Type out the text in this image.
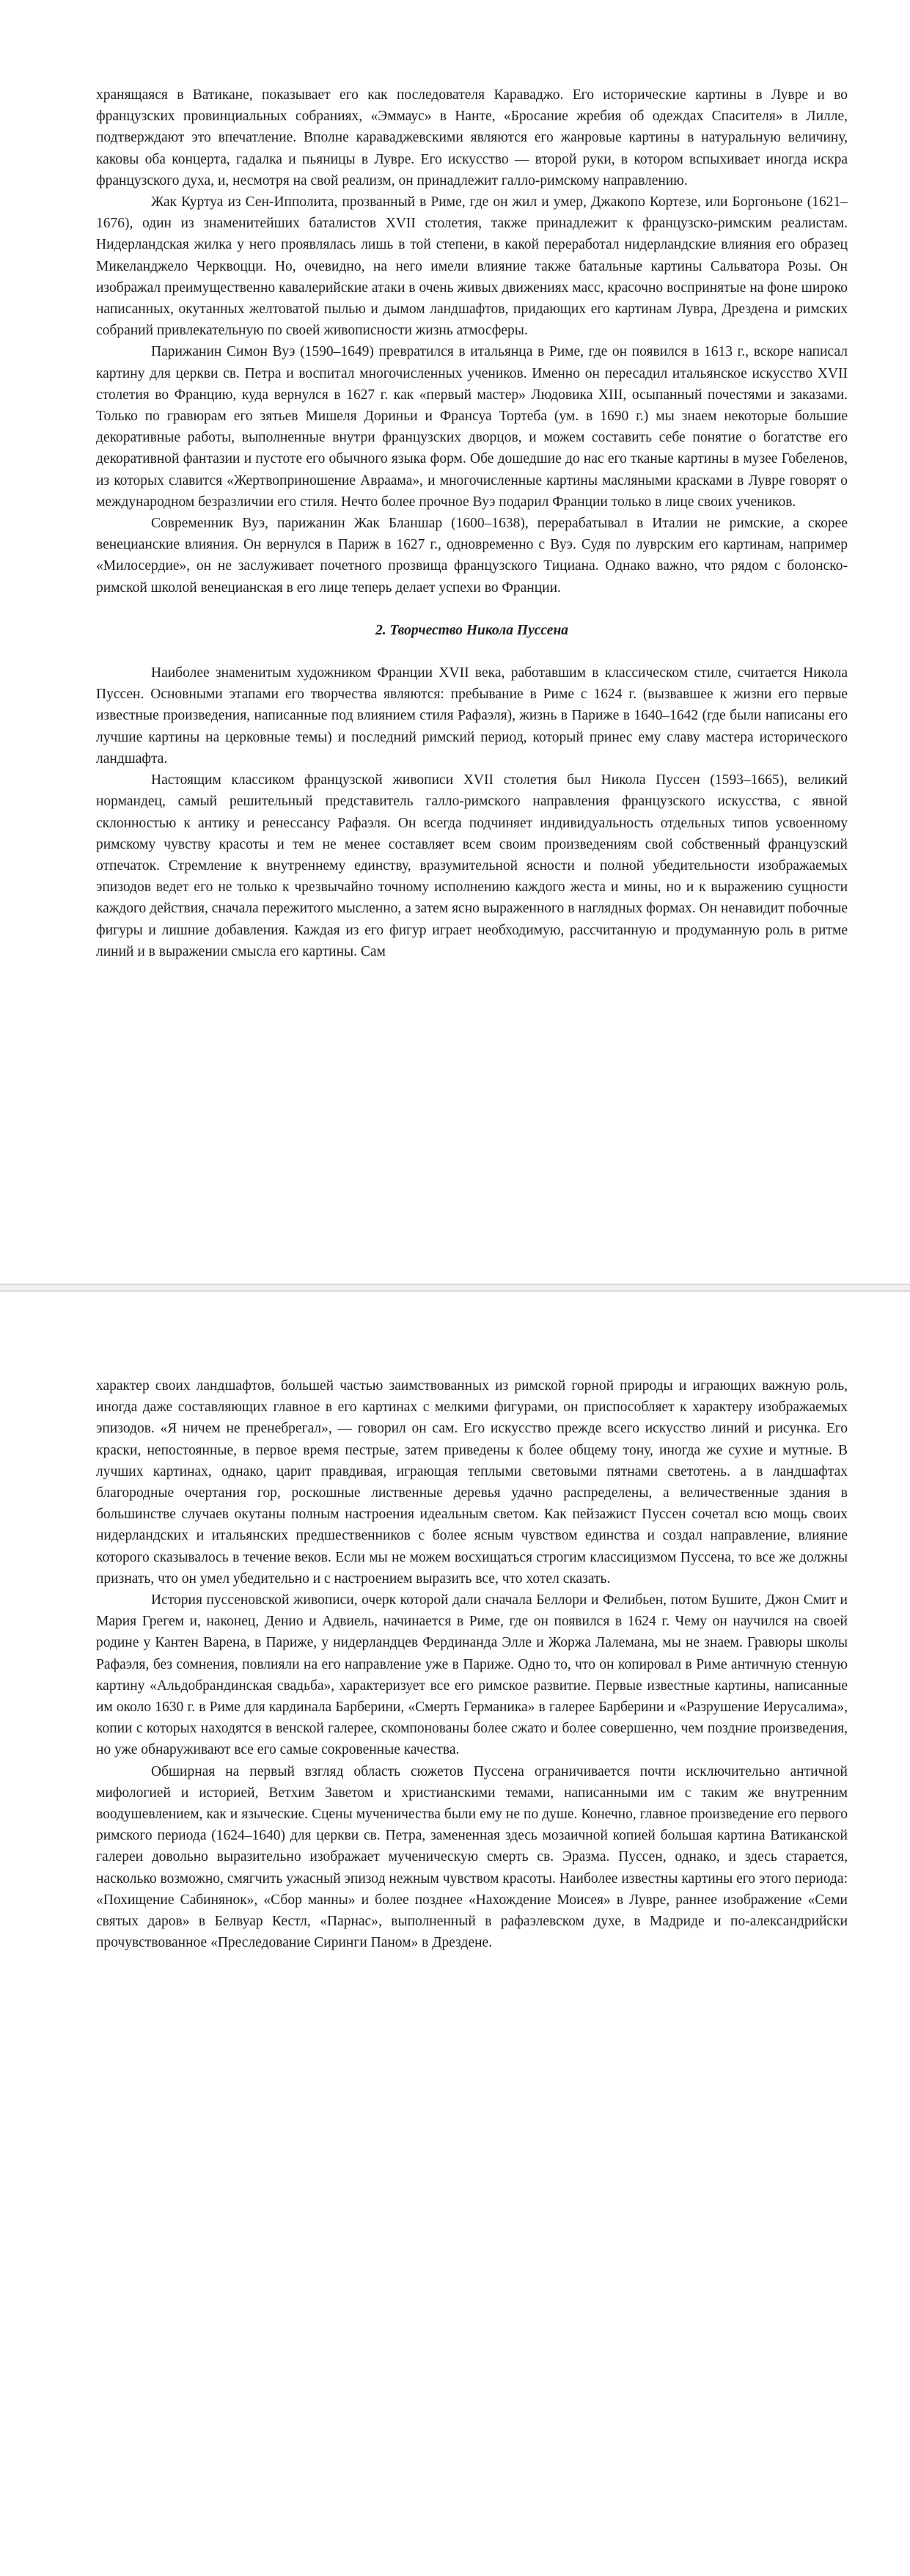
хранящаяся в Ватикане, показывает его как последователя Караваджо. Его исторические картины в Лувре и во французских провинциальных собраниях, «Эммаус» в Нанте, «Бросание жребия об одеждах Спасителя» в Лилле, подтверждают это впечатление. Вполне караваджевскими являются его жанровые картины в натуральную величину, каковы оба концерта, гадалка и пьяницы в Лувре. Его искусство — второй руки, в котором вспыхивает иногда искра французского духа, и, несмотря на свой реализм, он принадлежит галло-римскому направлению.

Жак Куртуа из Сен-Ипполита, прозванный в Риме, где он жил и умер, Джакопо Кортезе, или Боргоньоне (1621–1676), один из знаменитейших баталистов XVII столетия, также принадлежит к французско-римским реалистам. Нидерландская жилка у него проявлялась лишь в той степени, в какой переработал нидерландские влияния его образец Микеланджело Черквоцци. Но, очевидно, на него имели влияние также батальные картины Сальватора Розы. Он изображал преимущественно кавалерийские атаки в очень живых движениях масс, красочно воспринятые на фоне широко написанных, окутанных желтоватой пылью и дымом ландшафтов, придающих его картинам Лувра, Дрездена и римских собраний привлекательную по своей живописности жизнь атмосферы.

Парижанин Симон Вуэ (1590–1649) превратился в итальянца в Риме, где он появился в 1613 г., вскоре написал картину для церкви св. Петра и воспитал многочисленных учеников. Именно он пересадил итальянское искусство XVII столетия во Францию, куда вернулся в 1627 г. как «первый мастер» Людовика XIII, осыпанный почестями и заказами. Только по гравюрам его зятьев Мишеля Дориньи и Франсуа Тортеба (ум. в 1690 г.) мы знаем некоторые большие декоративные работы, выполненные внутри французских дворцов, и можем составить себе понятие о богатстве его декоративной фантазии и пустоте его обычного языка форм. Обе дошедшие до нас его тканые картины в музее Гобеленов, из которых славится «Жертвоприношение Авраама», и многочисленные картины масляными красками в Лувре говорят о международном безразличии его стиля. Нечто более прочное Вуэ подарил Франции только в лице своих учеников.

Современник Вуэ, парижанин Жак Бланшар (1600–1638), перерабатывал в Италии не римские, а скорее венецианские влияния. Он вернулся в Париж в 1627 г., одновременно с Вуэ. Судя по луврским его картинам, например «Милосердие», он не заслуживает почетного прозвища французского Тициана. Однако важно, что рядом с болонско-римской школой венецианская в его лице теперь делает успехи во Франции.

2. Творчество Никола Пуссена

Наиболее знаменитым художником Франции XVII века, работавшим в классическом стиле, считается Никола Пуссен. Основными этапами его творчества являются: пребывание в Риме с 1624 г. (вызвавшее к жизни его первые известные произведения, написанные под влиянием стиля Рафаэля), жизнь в Париже в 1640–1642 (где были написаны его лучшие картины на церковные темы) и последний римский период, который принес ему славу мастера исторического ландшафта.

Настоящим классиком французской живописи XVII столетия был Никола Пуссен (1593–1665), великий нормандец, самый решительный представитель галло-римского направления французского искусства, с явной склонностью к антику и ренессансу Рафаэля. Он всегда подчиняет индивидуальность отдельных типов усвоенному римскому чувству красоты и тем не менее составляет всем своим произведениям свой собственный французский отпечаток. Стремление к внутреннему единству, вразумительной ясности и полной убедительности изображаемых эпизодов ведет его не только к чрезвычайно точному исполнению каждого жеста и мины, но и к выражению сущности каждого действия, сначала пережитого мысленно, а затем ясно выраженного в наглядных формах. Он ненавидит побочные фигуры и лишние добавления. Каждая из его фигур играет необходимую, рассчитанную и продуманную роль в ритме линий и в выражении смысла его картины. Сам

характер своих ландшафтов, большей частью заимствованных из римской горной природы и играющих важную роль, иногда даже составляющих главное в его картинах с мелкими фигурами, он приспособляет к характеру изображаемых эпизодов. «Я ничем не пренебрегал», — говорил он сам. Его искусство прежде всего искусство линий и рисунка. Его краски, непостоянные, в первое время пестрые, затем приведены к более общему тону, иногда же сухие и мутные. В лучших картинах, однако, царит правдивая, играющая теплыми световыми пятнами светотень. а в ландшафтах благородные очертания гор, роскошные лиственные деревья удачно распределены, а величественные здания в большинстве случаев окутаны полным настроения идеальным светом. Как пейзажист Пуссен сочетал всю мощь своих нидерландских и итальянских предшественников с более ясным чувством единства и создал направление, влияние которого сказывалось в течение веков. Если мы не можем восхищаться строгим классицизмом Пуссена, то все же должны признать, что он умел убедительно и с настроением выразить все, что хотел сказать.

История пуссеновской живописи, очерк которой дали сначала Беллори и Фелибьен, потом Бушите, Джон Смит и Мария Грегем и, наконец, Денио и Адвиель, начинается в Риме, где он появился в 1624 г. Чему он научился на своей родине у Кантен Варена, в Париже, у нидерландцев Фердинанда Элле и Жоржа Лалемана, мы не знаем. Гравюры школы Рафаэля, без сомнения, повлияли на его направление уже в Париже. Одно то, что он копировал в Риме античную стенную картину «Альдобрандинская свадьба», характеризует все его римское развитие. Первые известные картины, написанные им около 1630 г. в Риме для кардинала Барберини, «Смерть Германика» в галерее Барберини и «Разрушение Иерусалима», копии с которых находятся в венской галерее, скомпонованы более сжато и более совершенно, чем поздние произведения, но уже обнаруживают все его самые сокровенные качества.

Обширная на первый взгляд область сюжетов Пуссена ограничивается почти исключительно античной мифологией и историей, Ветхим Заветом и христианскими темами, написанными им с таким же внутренним воодушевлением, как и языческие. Сцены мученичества были ему не по душе. Конечно, главное произведение его первого римского периода (1624–1640) для церкви св. Петра, замененная здесь мозаичной копией большая картина Ватиканской галереи довольно выразительно изображает мученическую смерть св. Эразма. Пуссен, однако, и здесь старается, насколько возможно, смягчить ужасный эпизод нежным чувством красоты. Наиболее известны картины его этого периода: «Похищение Сабинянок», «Сбор манны» и более позднее «Нахождение Моисея» в Лувре, раннее изображение «Семи святых даров» в Белвуар Кестл, «Парнас», выполненный в рафаэлевском духе, в Мадриде и по-александрийски прочувствованное «Преследование Сиринги Паном» в Дрездене.
